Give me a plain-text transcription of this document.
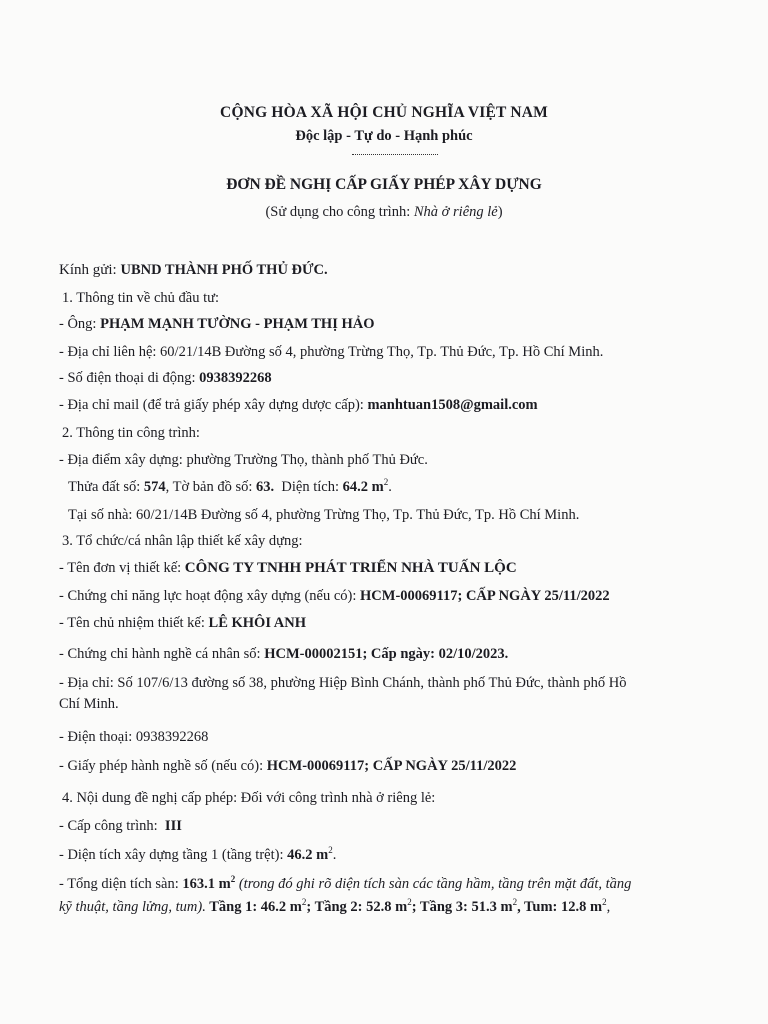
CỘNG HÒA XÃ HỘI CHỦ NGHĨA VIỆT NAM
Độc lập - Tự do - Hạnh phúc
ĐƠN ĐỀ NGHỊ CẤP GIẤY PHÉP XÂY DỰNG
(Sử dụng cho công trình: Nhà ở riêng lẻ)
Kính gửi: UBND THÀNH PHỐ THỦ ĐỨC.
1. Thông tin về chủ đầu tư:
- Ông: PHẠM MẠNH TƯỜNG - PHẠM THỊ HẢO
- Địa chỉ liên hệ: 60/21/14B Đường số 4, phường Trừng Thọ, Tp. Thủ Đức, Tp. Hồ Chí Minh.
- Số điện thoại di động: 0938392268
- Địa chỉ mail (để trả giấy phép xây dựng dược cấp): manhtuan1508@gmail.com
2. Thông tin công trình:
- Địa điểm xây dựng: phường Trường Thọ, thành phố Thủ Đức.
Thửa đất số: 574, Tờ bản đồ số: 63. Diện tích: 64.2 $m^2$.
Tại số nhà: 60/21/14B Đường số 4, phường Trừng Thọ, Tp. Thủ Đức, Tp. Hồ Chí Minh.
3. Tổ chức/cá nhân lập thiết kế xây dựng:
- Tên đơn vị thiết kế: CÔNG TY TNHH PHÁT TRIỂN NHÀ TUẤN LỘC
- Chứng chỉ năng lực hoạt động xây dựng (nếu có): HCM-00069117; CẤP NGÀY 25/11/2022
- Tên chủ nhiệm thiết kế: LÊ KHÔI ANH
- Chứng chỉ hành nghề cá nhân số: HCM-00002151; Cấp ngày: 02/10/2023.
- Địa chỉ: Số 107/6/13 đường số 38, phường Hiệp Bình Chánh, thành phố Thủ Đức, thành phố Hồ
Chí Minh.
- Điện thoại: 0938392268
- Giấy phép hành nghề số (nếu có): HCM-00069117; CẤP NGÀY 25/11/2022
4. Nội dung đề nghị cấp phép: Đối với công trình nhà ở riêng lẻ:
- Cấp công trình:  III
- Diện tích xây dựng tầng 1 (tầng trệt): 46.2 $m^2$.
- Tổng diện tích sàn: 163.1 $m^2$ (trong đó ghi rõ diện tích sàn các tầng hầm, tầng trên mặt đất, tầng
kỹ thuật, tầng lửng, tum). Tầng 1: 46.2 $m^2$; Tầng 2: 52.8 $m^2$; Tầng 3: 51.3 $m^2$, Tum: 12.8 $m^2$,
